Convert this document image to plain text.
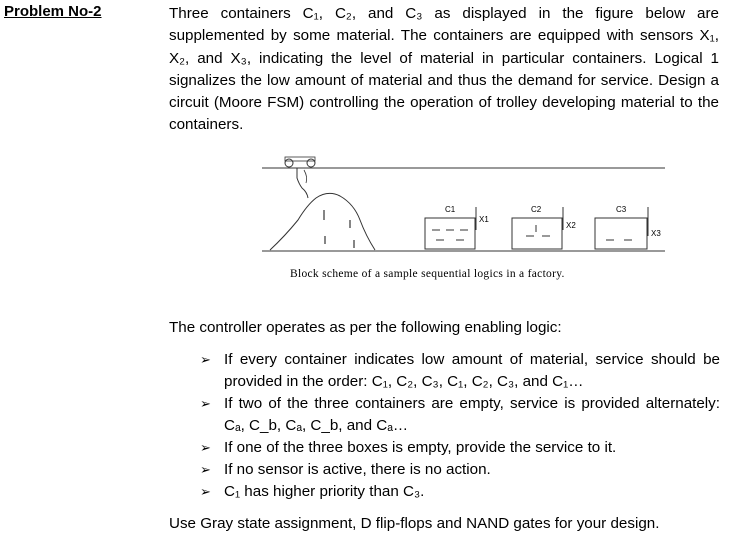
Problem No-2	Three containers C₁, C₂, and C₃ as displayed in the figure below are supplemented by some material. The containers are equipped with sensors X₁, X₂, and X₃, indicating the level of material in particular containers. Logical 1 signalizes the low amount of material and thus the demand for service. Design a circuit (Moore FSM) controlling the operation of trolley developing material to the containers.

C1
X1
C2
X2
C3
X3
Block scheme of a sample sequential logics in a factory.
The controller operates as per the following enabling logic:
➢ If every container indicates low amount of material, service should be provided in the order: C₁, C₂, C₃, C₁, C₂, C₃, and C₁…
➢ If two of the three containers are empty, service is provided alternately: Cₐ, C_b, Cₐ, C_b, and Cₐ…
➢ If one of the three boxes is empty, provide the service to it.
➢ If no sensor is active, there is no action.
➢ C₁ has higher priority than C₃.
Use Gray state assignment, D flip-flops and NAND gates for your design.
